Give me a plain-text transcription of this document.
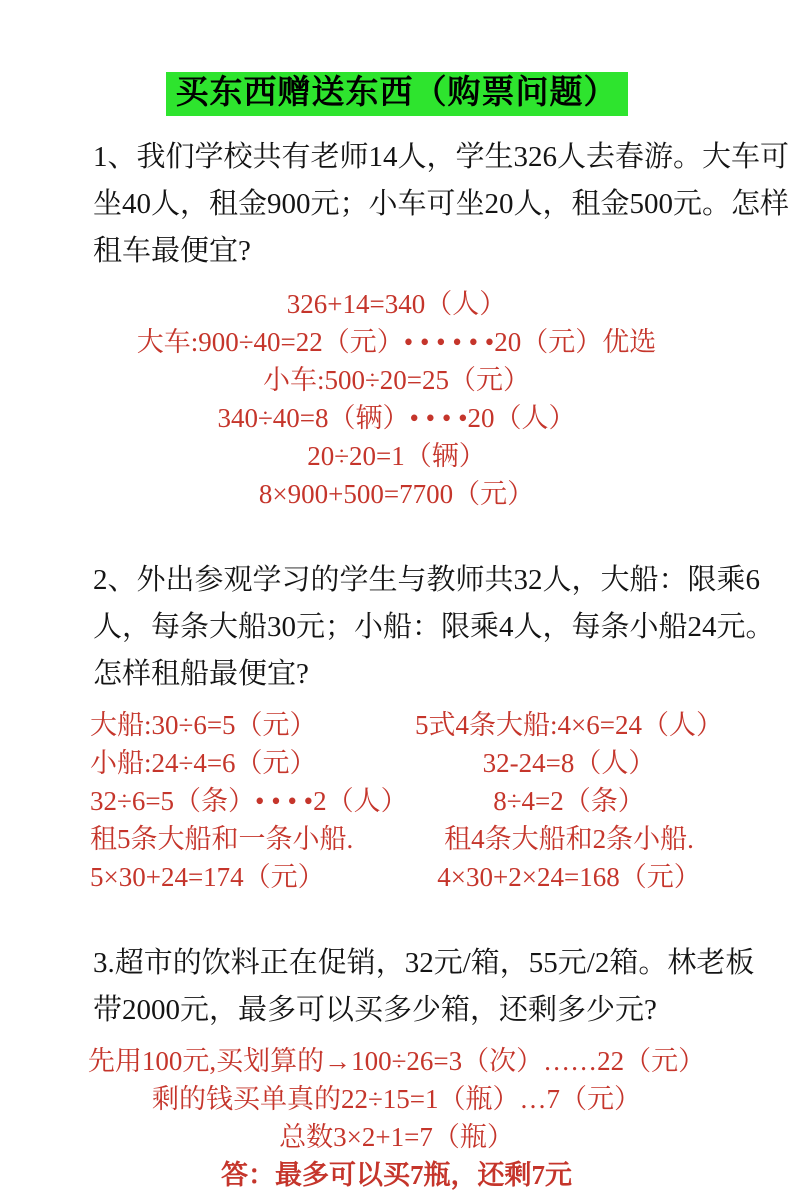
买东西赠送东西（购票问题）
1、我们学校共有老师14人，学生326人去春游。大车可
坐40人，租金900元；小车可坐20人，租金500元。怎样
租车最便宜?
326+14=340（人）
大车:900÷40=22（元）• • • • • •20（元）优选
小车:500÷20=25（元）
340÷40=8（辆）• • • •20（人）
20÷20=1（辆）
8×900+500=7700（元）
2、外出参观学习的学生与教师共32人，大船：限乘6
人，每条大船30元；小船：限乘4人，每条小船24元。
怎样租船最便宜?
大船:30÷6=5（元）
小船:24÷4=6（元）
32÷6=5（条）• • • •2（人）
租5条大船和一条小船.
5×30+24=174（元）
5式4条大船:4×6=24（人）
32-24=8（人）
8÷4=2（条）
租4条大船和2条小船.
4×30+2×24=168（元）
3.超市的饮料正在促销，32元/箱，55元/2箱。林老板
带2000元，最多可以买多少箱，还剩多少元?
先用100元,买划算的→100÷26=3（次）……22（元）
剩的钱买单真的22÷15=1（瓶）…7（元）
总数3×2+1=7（瓶）
答：最多可以买7瓶，还剩7元
